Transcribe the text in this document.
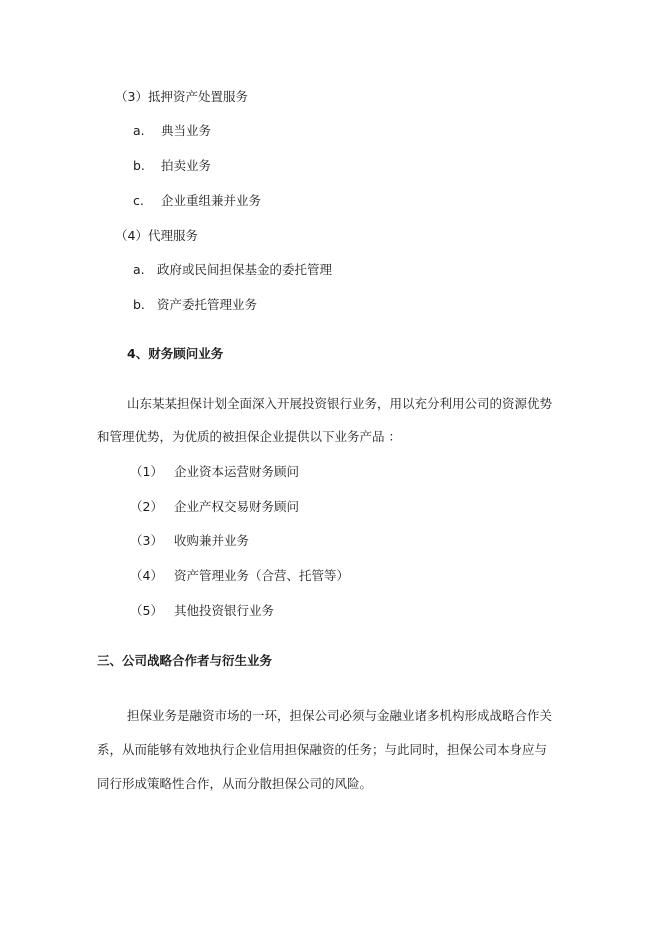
（3）抵押资产处置服务
a. 典当业务
b. 拍卖业务
c. 企业重组兼并业务
（4）代理服务
a. 政府或民间担保基金的委托管理
b. 资产委托管理业务
4、财务顾问业务
山东某某担保计划全面深入开展投资银行业务，用以充分利用公司的资源优势
和管理优势，为优质的被担保企业提供以下业务产品 ：
（1） 企业资本运营财务顾问
（2） 企业产权交易财务顾问
（3） 收购兼并业务
（4） 资产管理业务（合营、托管等）
（5） 其他投资银行业务
三、公司战略合作者与衍生业务
担保业务是融资市场的一环，担保公司必须与金融业诸多机构形成战略合作关
系，从而能够有效地执行企业信用担保融资的任务；与此同时，担保公司本身应与
同行形成策略性合作，从而分散担保公司的风险。
